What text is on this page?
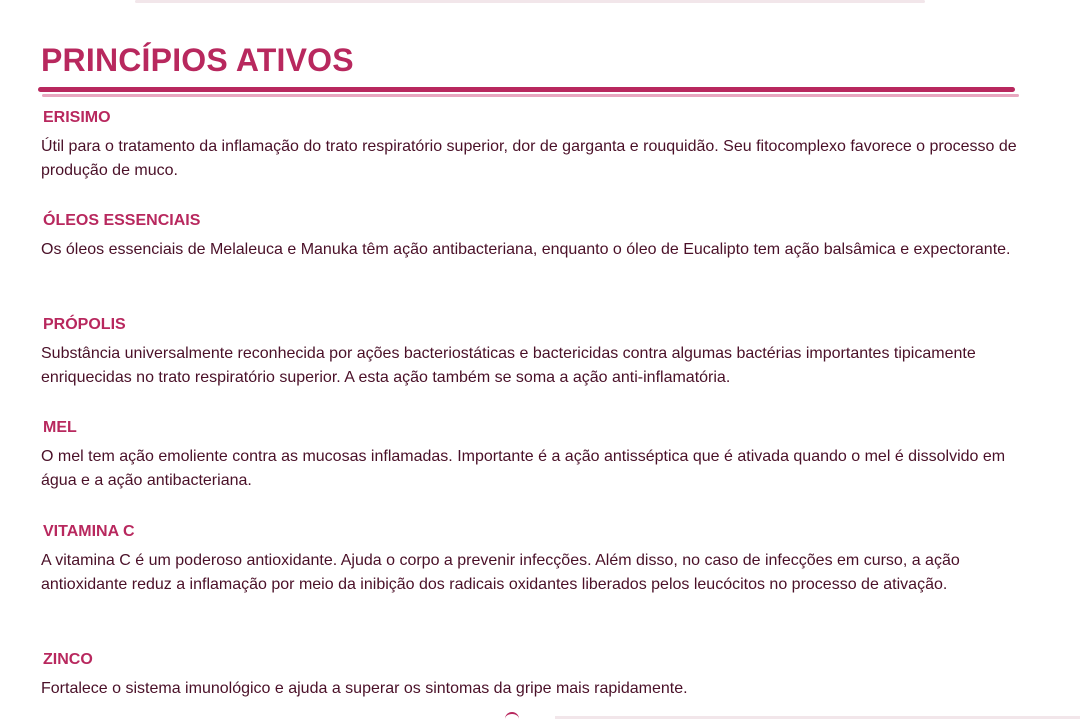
PRINCÍPIOS ATIVOS
ERISIMO

Útil para o tratamento da inflamação do trato respiratório superior, dor de garganta e rouquidão. Seu fitocomplexo favorece o processo de produção de muco.

ÓLEOS ESSENCIAIS

Os óleos essenciais de Melaleuca e Manuka têm ação antibacteriana, enquanto o óleo de Eucalipto tem ação balsâmica e expectorante.

PRÓPOLIS

Substância universalmente reconhecida por ações bacteriostáticas e bactericidas contra algumas bactérias importantes tipicamente enriquecidas no trato respiratório superior. A esta ação também se soma a ação anti-inflamatória.

MEL

O mel tem ação emoliente contra as mucosas inflamadas. Importante é a ação antisséptica que é ativada quando o mel é dissolvido em água e a ação antibacteriana.

VITAMINA C

A vitamina C é um poderoso antioxidante. Ajuda o corpo a prevenir infecções. Além disso, no caso de infecções em curso, a ação antioxidante reduz a inflamação por meio da inibição dos radicais oxidantes liberados pelos leucócitos no processo de ativação.

ZINCO

Fortalece o sistema imunológico e ajuda a superar os sintomas da gripe mais rapidamente.
